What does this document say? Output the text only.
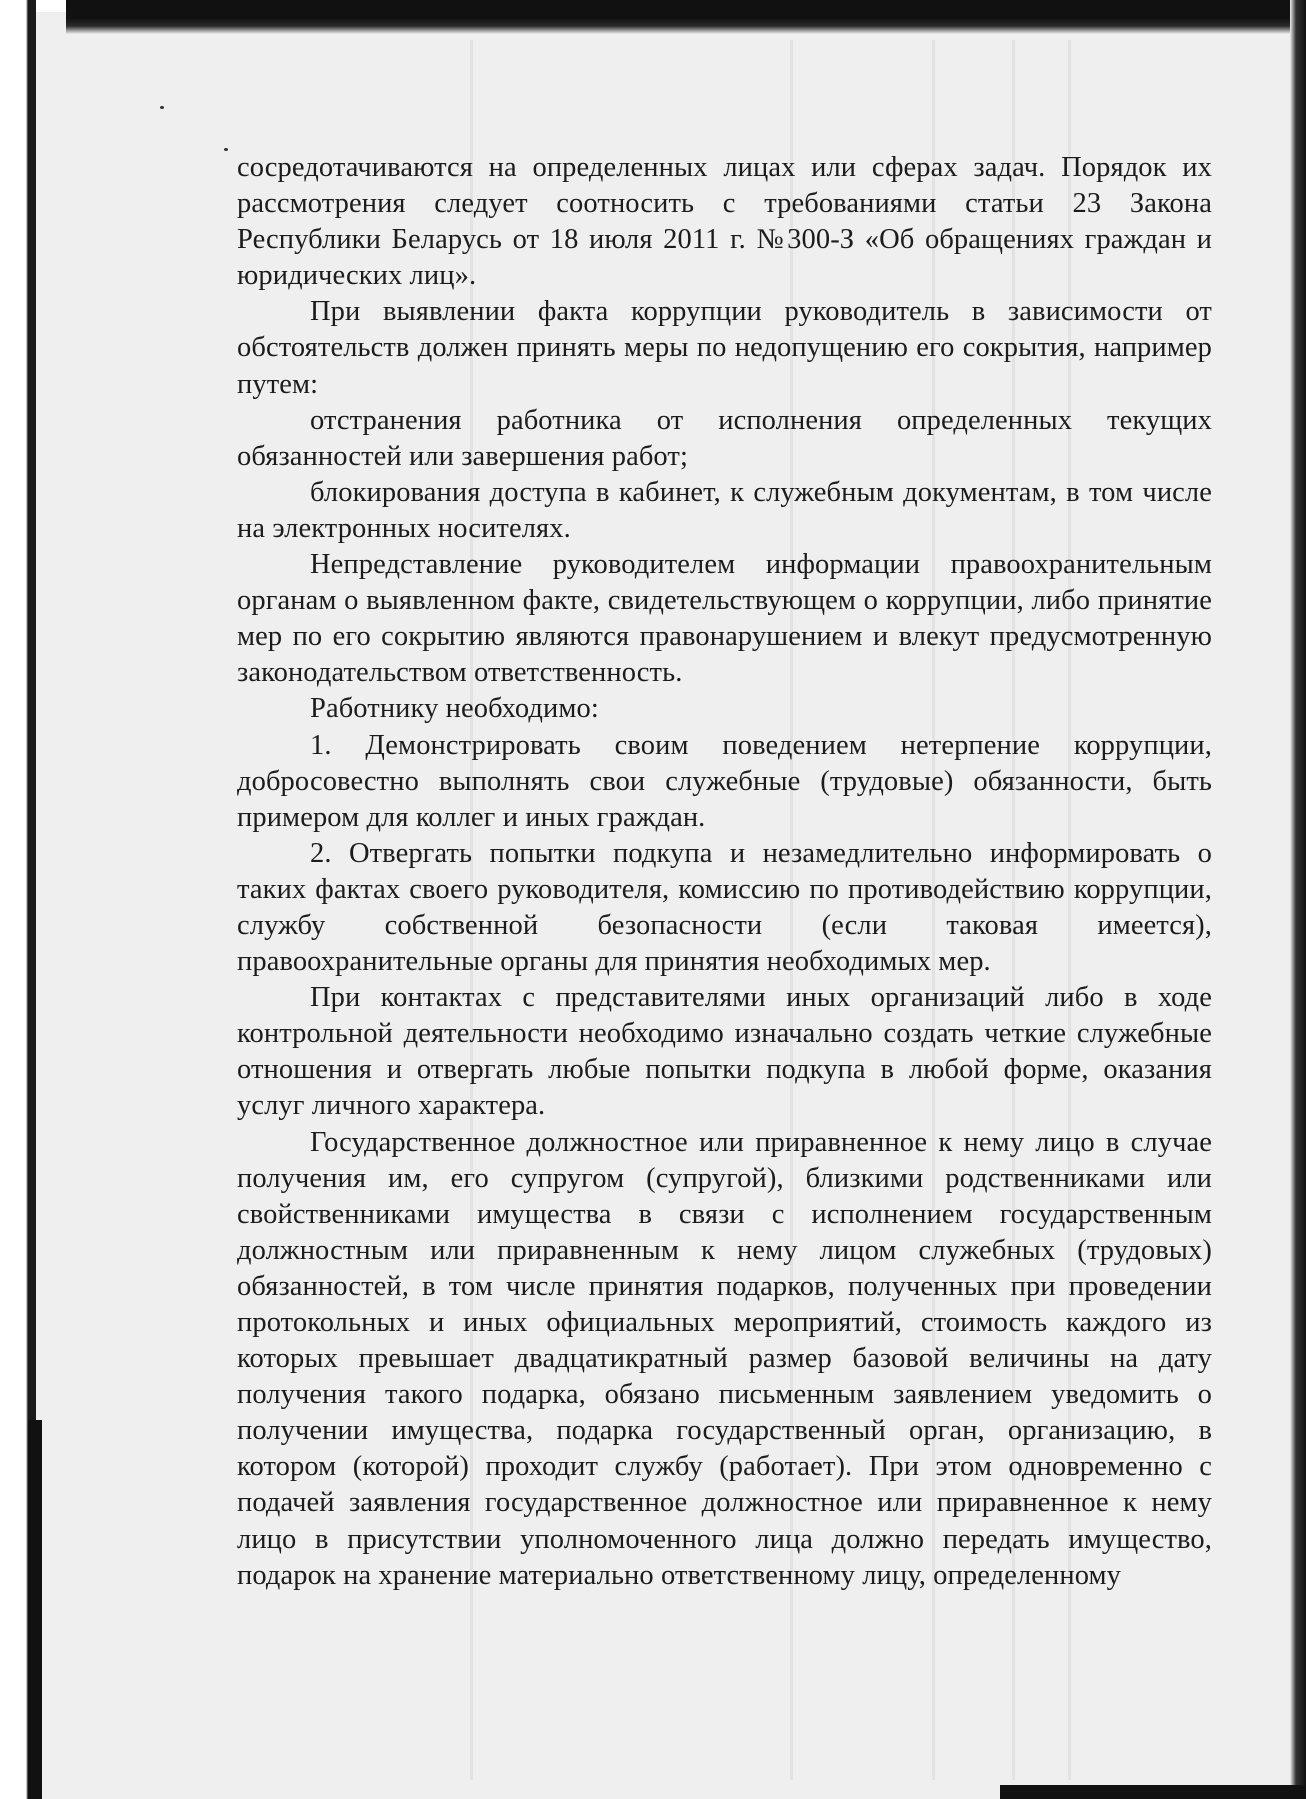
сосредотачиваются на определенных лицах или сферах задач. Порядок их рассмотрения следует соотносить с требованиями статьи 23 Закона Республики Беларусь от 18 июля 2011 г. №300-З «Об обращениях граждан и юридических лиц».

При выявлении факта коррупции руководитель в зависимости от обстоятельств должен принять меры по недопущению его сокрытия, например путем:

отстранения работника от исполнения определенных текущих обязанностей или завершения работ;

блокирования доступа в кабинет, к служебным документам, в том числе на электронных носителях.

Непредставление руководителем информации правоохранительным органам о выявленном факте, свидетельствующем о коррупции, либо принятие мер по его сокрытию являются правонарушением и влекут предусмотренную законодательством ответственность.

Работнику необходимо:

1. Демонстрировать своим поведением нетерпение коррупции, добросовестно выполнять свои служебные (трудовые) обязанности, быть примером для коллег и иных граждан.

2. Отвергать попытки подкупа и незамедлительно информировать о таких фактах своего руководителя, комиссию по противодействию коррупции, службу собственной безопасности (если таковая имеется), правоохранительные органы для принятия необходимых мер.

При контактах с представителями иных организаций либо в ходе контрольной деятельности необходимо изначально создать четкие служебные отношения и отвергать любые попытки подкупа в любой форме, оказания услуг личного характера.

Государственное должностное или приравненное к нему лицо в случае получения им, его супругом (супругой), близкими родственниками или свойственниками имущества в связи с исполнением государственным должностным или приравненным к нему лицом служебных (трудовых) обязанностей, в том числе принятия подарков, полученных при проведении протокольных и иных официальных мероприятий, стоимость каждого из которых превышает двадцатикратный размер базовой величины на дату получения такого подарка, обязано письменным заявлением уведомить о получении имущества, подарка государственный орган, организацию, в котором (которой) проходит службу (работает). При этом одновременно с подачей заявления государственное должностное или приравненное к нему лицо в присутствии уполномоченного лица должно передать имущество, подарок на хранение материально ответственному лицу, определенному
